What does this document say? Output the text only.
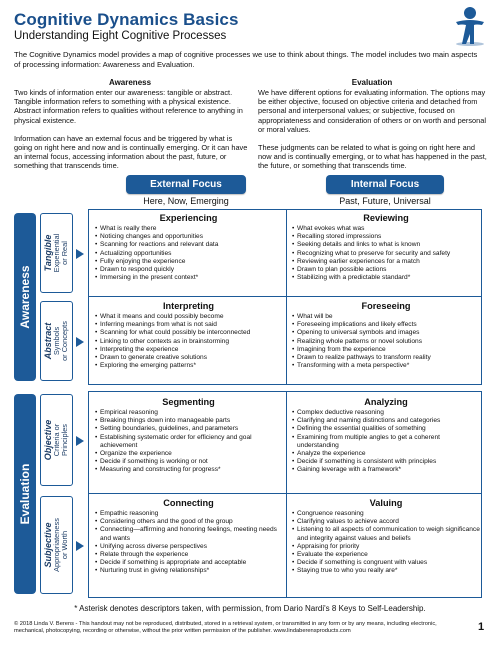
Cognitive Dynamics Basics
Understanding Eight Cognitive Processes
The Cognitive Dynamics model provides a map of cognitive processes we use to think about things. The model includes two main aspects of processing information: Awareness and Evaluation.
Awareness

Two kinds of information enter our awareness: tangible or abstract. Tangible information refers to something with a physical existence. Abstract information refers to qualities without reference to anything in physical existence.

Information can have an external focus and be triggered by what is going on right here and now and is continually emerging. Or it can have an internal focus, accessing information about the past, future, or something that transcends time.

Evaluation

We have different options for evaluating information. The options may be either objective, focused on objective criteria and detached from personal and interpersonal values; or subjective, focused on appropriateness and consideration of others or on worth and personal or moral values.

These judgments can be related to what is going on right here and now and is continually emerging, or to what has happened in the past, the future, or something that transcends time.

External Focus
Here, Now, Emerging
Internal Focus
Past, Future, Universal
Awareness
Tangible
Experiential
or Real
Abstract
Symbols
or Concepts
Evaluation
Objective
Criteria or
Principles
Subjective
Appropriateness
or Worth
Experiencing
• What is really there
• Noticing changes and opportunities
• Scanning for reactions and relevant data
• Actualizing opportunities
• Fully enjoying the experience
• Drawn to respond quickly
• Immersing in the present context*
Reviewing
• What evokes what was
• Recalling stored impressions
• Seeking details and links to what is known
• Recognizing what to preserve for security and safety
• Reviewing earlier experiences for a match
• Drawn to plan possible actions
• Stabilizing with a predictable standard*
Interpreting
• What it means and could possibly become
• Inferring meanings from what is not said
• Scanning for what could possibly be interconnected
• Linking to other contexts as in brainstorming
• Interpreting the experience
• Drawn to generate creative solutions
• Exploring the emerging patterns*
Foreseeing
• What will be
• Foreseeing implications and likely effects
• Opening to universal symbols and images
• Realizing whole patterns or novel solutions
• Imagining from the experience
• Drawn to realize pathways to transform reality
• Transforming with a meta perspective*
Segmenting
• Empirical reasoning
• Breaking things down into manageable parts
• Setting boundaries, guidelines, and parameters
• Establishing systematic order for efficiency and goal achievement
• Organize the experience
• Decide if something is working or not
• Measuring and constructing for progress*
Analyzing
• Complex deductive reasoning
• Clarifying and naming distinctions and categories
• Defining the essential qualities of something
• Examining from multiple angles to get a coherent understanding
• Analyze the experience
• Decide if something is consistent with principles
• Gaining leverage with a framework*
Connecting
• Empathic reasoning
• Considering others and the good of the group
• Connecting—affirming and honoring feelings, meeting needs and wants
• Unifying across diverse perspectives
• Relate through the experience
• Decide if something is appropriate and acceptable
• Nurturing trust in giving relationships*
Valuing
• Congruence reasoning
• Clarifying values to achieve accord
• Listening to all aspects of communication to weigh significance and integrity against values and beliefs
• Appraising for priority
• Evaluate the experience
• Decide if something is congruent with values
• Staying true to who you really are*
* Asterisk denotes descriptors taken, with permission, from Dario Nardi's 8 Keys to Self-Leadership.
© 2018 Linda V. Berens - This handout may not be reproduced, distributed, stored in a retrieval system, or transmitted in any form or by any means, including electronic, mechanical, photocopying, recording or otherwise, without the prior written permission of the publisher. www.lindaberensproducts.com	1
